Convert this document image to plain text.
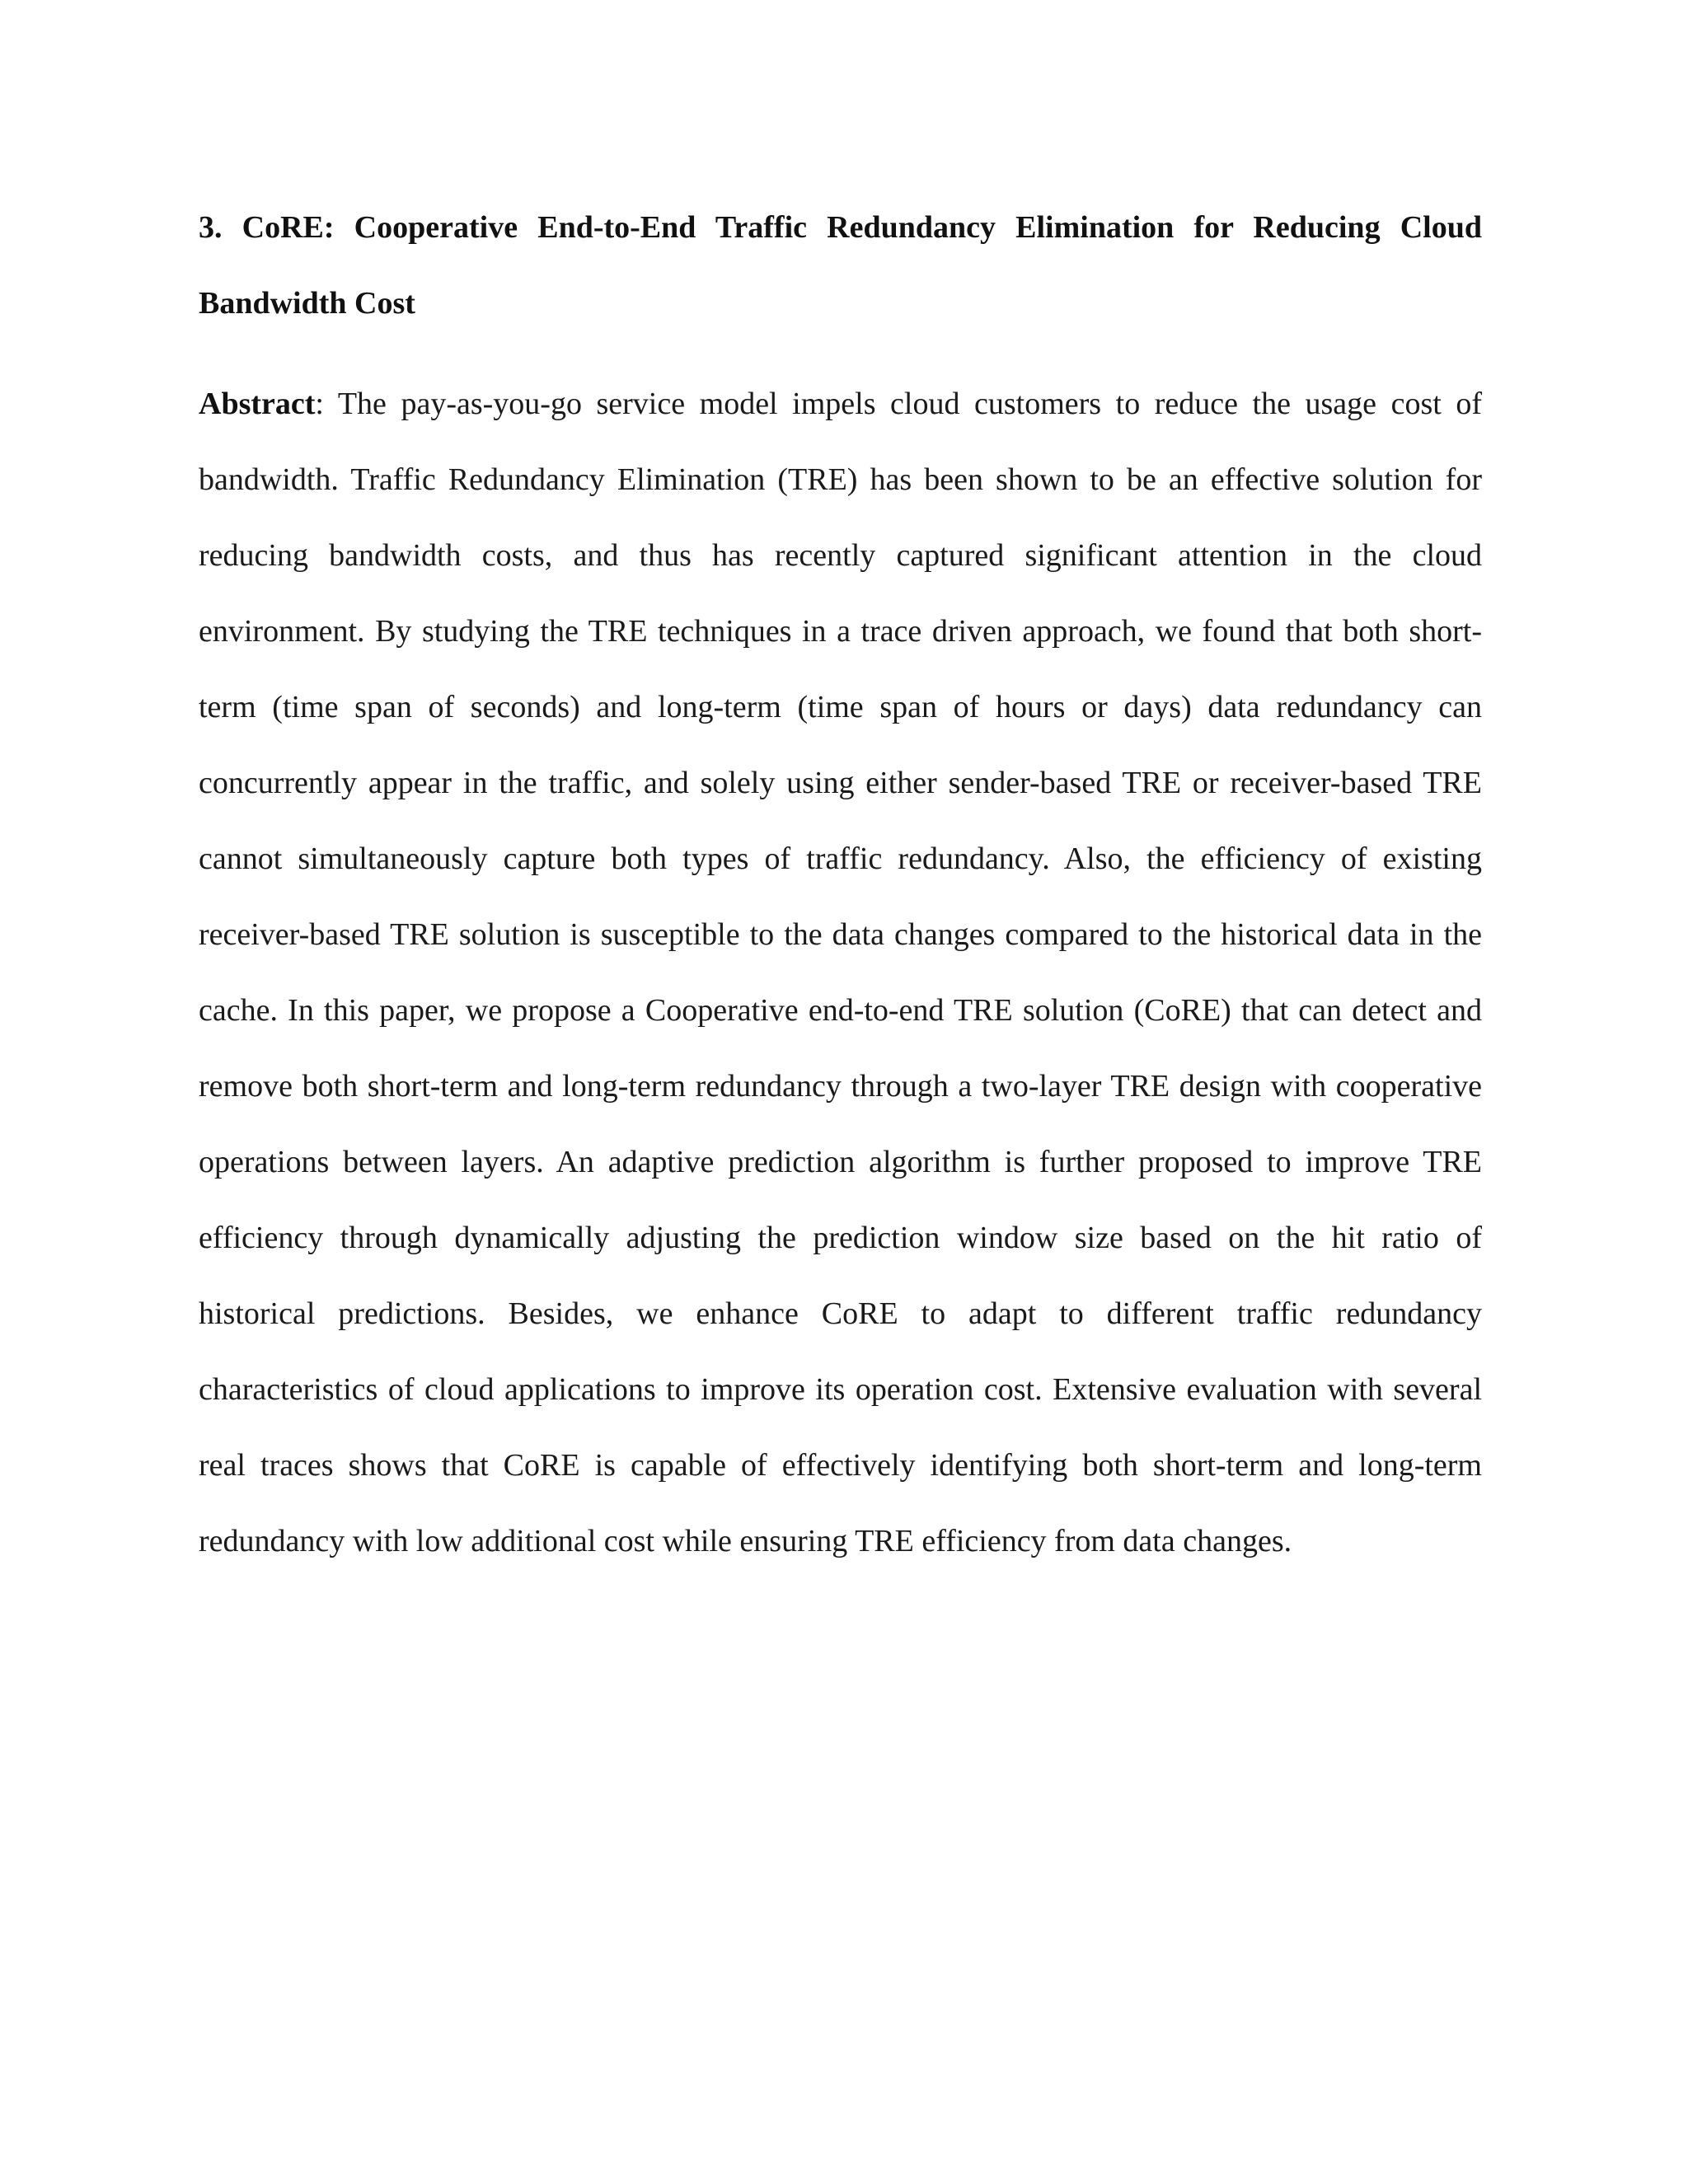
3. CoRE: Cooperative End-to-End Traffic Redundancy Elimination for Reducing Cloud Bandwidth Cost

Abstract: The pay-as-you-go service model impels cloud customers to reduce the usage cost of bandwidth. Traffic Redundancy Elimination (TRE) has been shown to be an effective solution for reducing bandwidth costs, and thus has recently captured significant attention in the cloud environment. By studying the TRE techniques in a trace driven approach, we found that both short-term (time span of seconds) and long-term (time span of hours or days) data redundancy can concurrently appear in the traffic, and solely using either sender-based TRE or receiver-based TRE cannot simultaneously capture both types of traffic redundancy. Also, the efficiency of existing receiver-based TRE solution is susceptible to the data changes compared to the historical data in the cache. In this paper, we propose a Cooperative end-to-end TRE solution (CoRE) that can detect and remove both short-term and long-term redundancy through a two-layer TRE design with cooperative operations between layers. An adaptive prediction algorithm is further proposed to improve TRE efficiency through dynamically adjusting the prediction window size based on the hit ratio of historical predictions. Besides, we enhance CoRE to adapt to different traffic redundancy characteristics of cloud applications to improve its operation cost. Extensive evaluation with several real traces shows that CoRE is capable of effectively identifying both short-term and long-term redundancy with low additional cost while ensuring TRE efficiency from data changes.
